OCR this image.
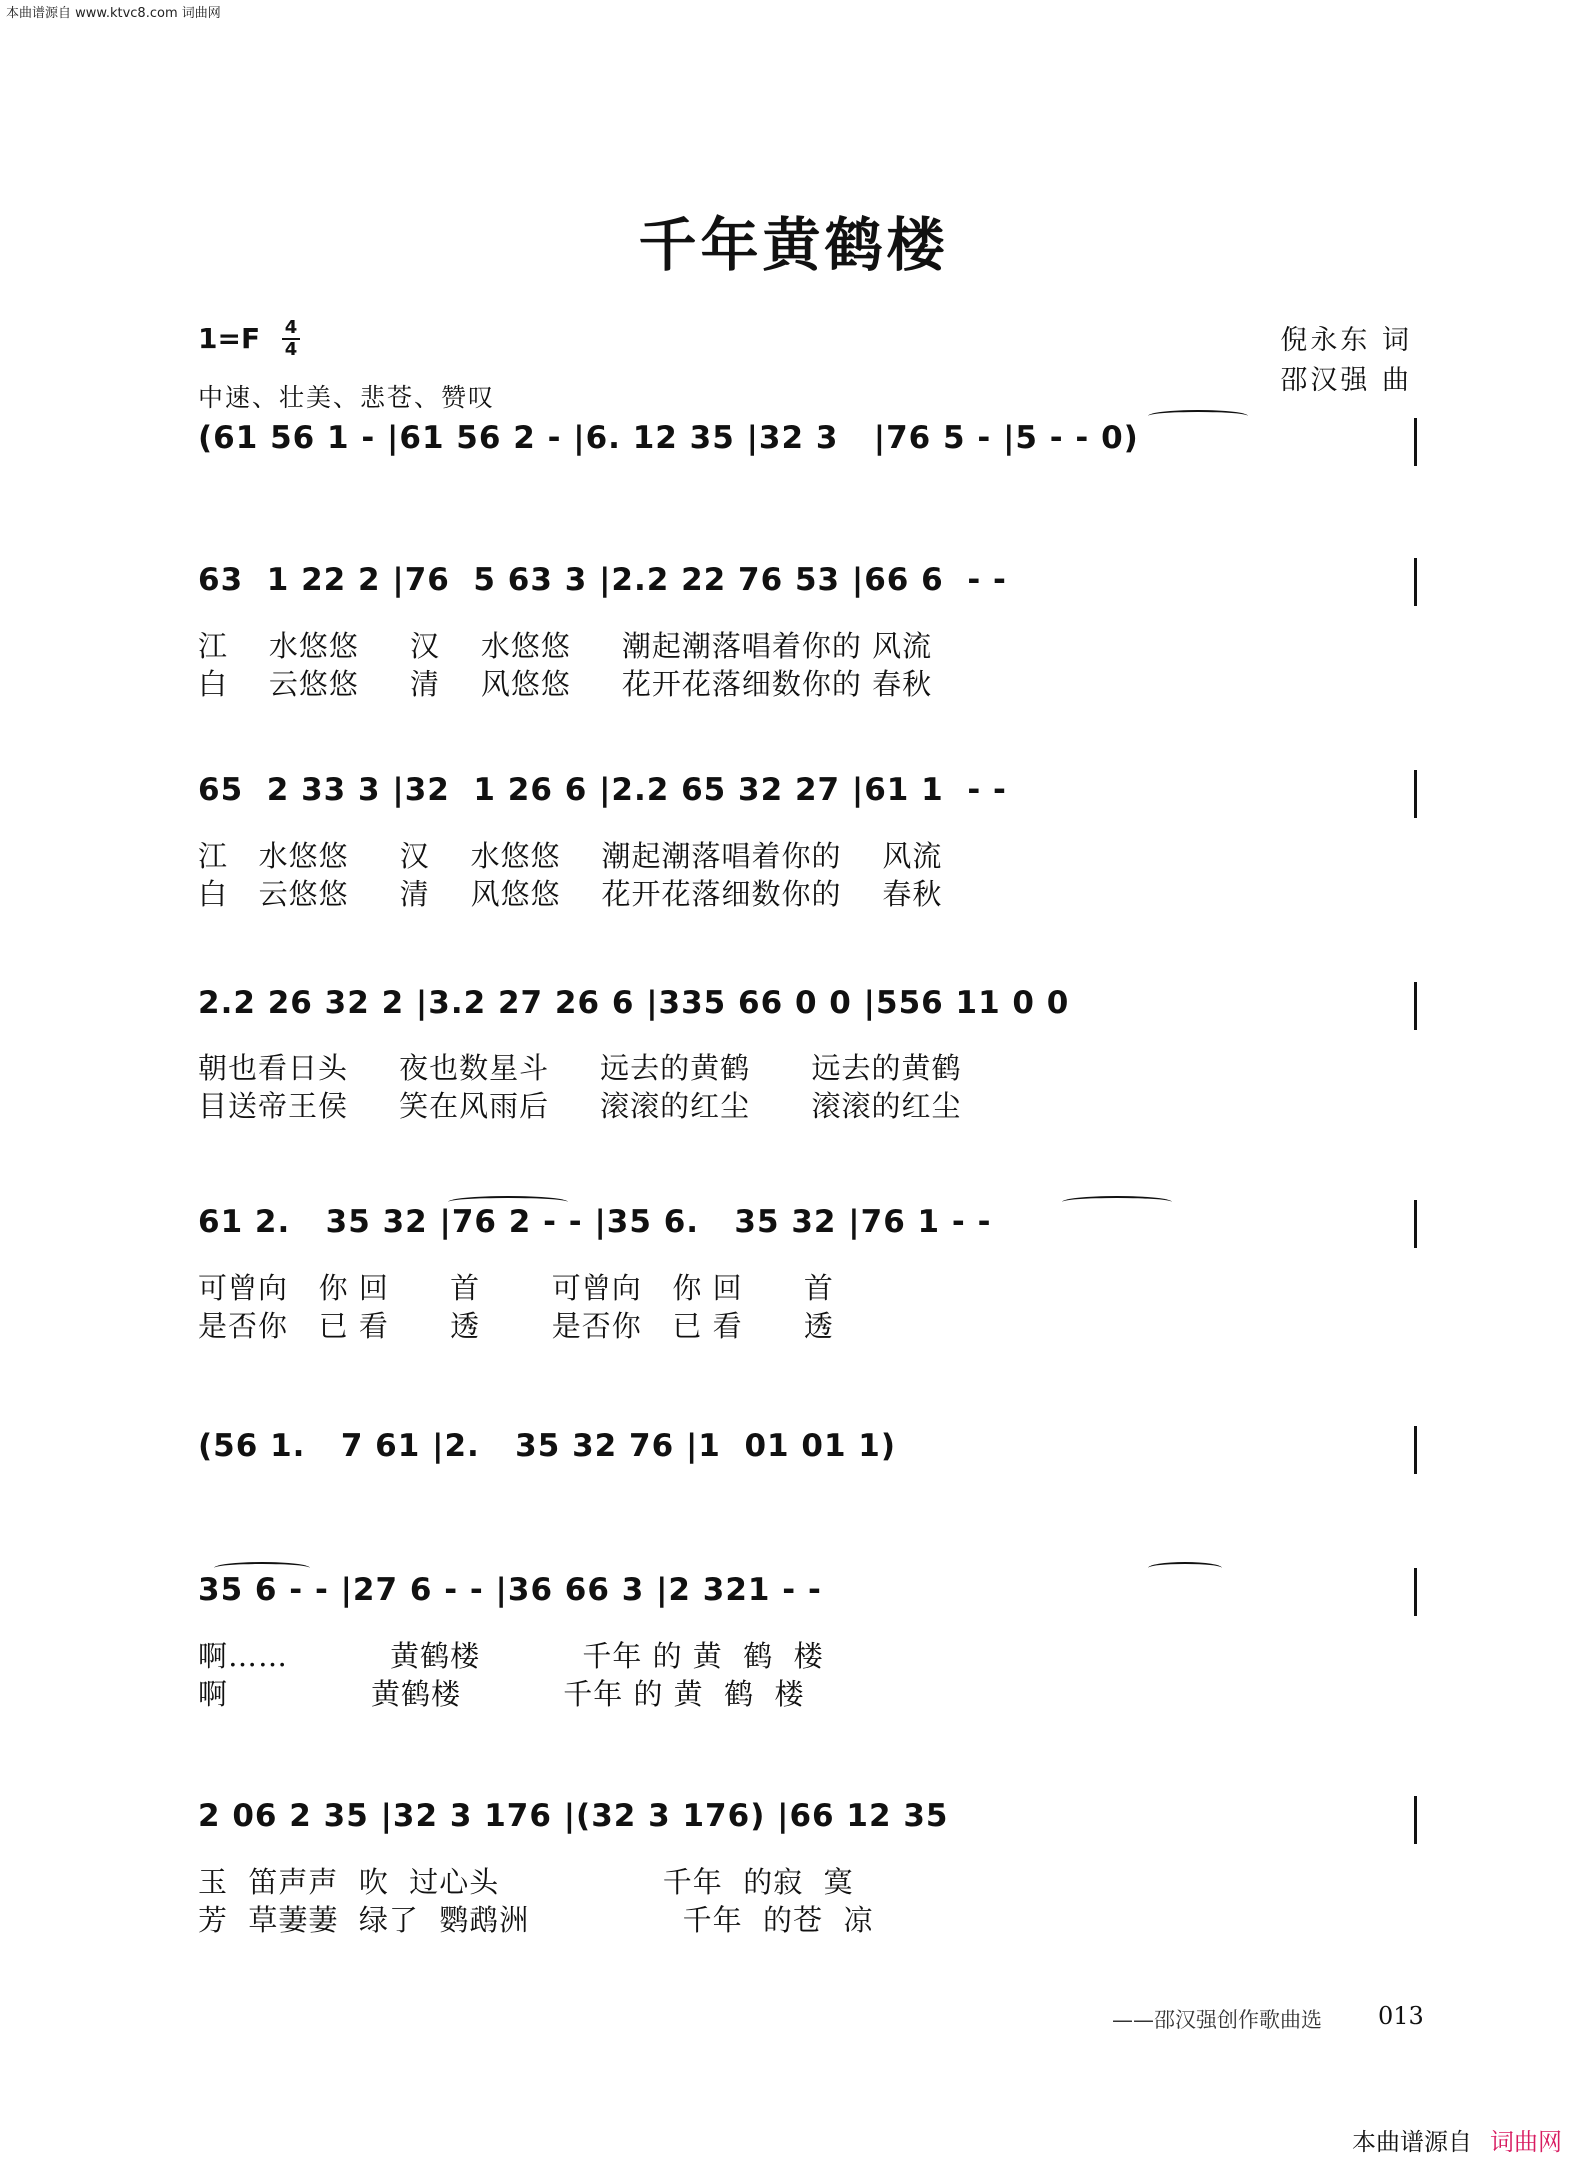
本曲谱源自 www.ktvc8.com 词曲网
千年黄鹤楼
1=F 4
4
中速、壮美、悲苍、赞叹
倪永东 词
邵汉强 曲
(61 56 1 - |61 56 2 - |6. 12 35 |32 3   |76 5 - |5 - - 0)
63  1 22 2 |76  5 63 3 |2.2 22 76 53 |66 6  - -
江    水悠悠     汉    水悠悠     潮起潮落唱着你的 风流
白    云悠悠     清    风悠悠     花开花落细数你的 春秋
65  2 33 3 |32  1 26 6 |2.2 65 32 27 |61 1  - -
江   水悠悠     汉    水悠悠    潮起潮落唱着你的    风流
白   云悠悠     清    风悠悠    花开花落细数你的    春秋
2.2 26 32 2 |3.2 27 26 6 |335 66 0 0 |556 11 0 0
朝也看日头     夜也数星斗     远去的黄鹤      远去的黄鹤
目送帝王侯     笑在风雨后     滚滚的红尘      滚滚的红尘
61 2.   35 32 |76 2 - - |35 6.   35 32 |76 1 - -
可曾向   你 回      首       可曾向   你 回      首
是否你   已 看      透       是否你   已 看      透
(56 1.   7 61 |2.   35 32 76 |1  01 01 1)
35 6 - - |27 6 - - |36 66 3 |2 321 - -
啊……          黄鹤楼          千年 的 黄  鹤  楼
啊              黄鹤楼          千年 的 黄  鹤  楼
2 06 2 35 |32 3 176 |(32 3 176) |66 12 35
玉  笛声声  吹  过心头                千年  的寂  寞
芳  草萋萋  绿了  鹦鹉洲               千年  的苍  凉
——邵汉强创作歌曲选 013
本曲谱源自 词曲网
